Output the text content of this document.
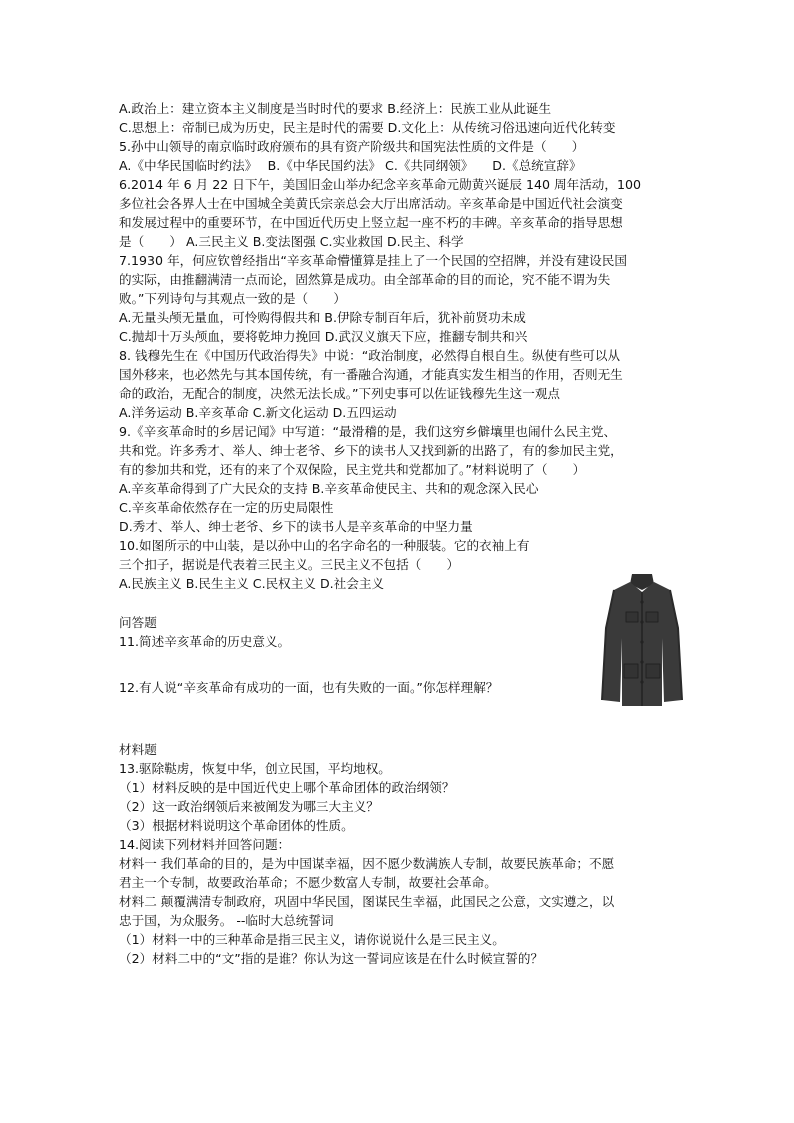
A.政治上：建立资本主义制度是当时时代的要求 B.经济上：民族工业从此诞生
C.思想上：帝制已成为历史，民主是时代的需要 D.文化上：从传统习俗迅速向近代化转变
5.孙中山领导的南京临时政府颁布的具有资产阶级共和国宪法性质的文件是（　　）
A.《中华民国临时约法》　 B.《中华民国约法》 C.《共同纲领》　　D.《总统宣辞》
6.2014 年 6 月 22 日下午，美国旧金山举办纪念辛亥革命元勋黄兴诞辰 140 周年活动，100
多位社会各界人士在中国城全美黄氏宗亲总会大厅出席活动。辛亥革命是中国近代社会演变
和发展过程中的重要环节，在中国近代历史上竖立起一座不朽的丰碑。辛亥革命的指导思想
是（　　） A.三民主义 B.变法图强 C.实业救国 D.民主、科学
7.1930 年，何应钦曾经指出“辛亥革命懵懂算是挂上了一个民国的空招牌，并没有建设民国
的实际，由推翻满清一点而论，固然算是成功。由全部革命的目的而论，究不能不谓为失
败。”下列诗句与其观点一致的是（　　）
A.无量头颅无量血，可怜购得假共和 B.伊除专制百年后，犹补前贤功未成
C.抛却十万头颅血，要将乾坤力挽回 D.武汉义旗天下应，推翻专制共和兴
8. 钱穆先生在《中国历代政治得失》中说：“政治制度，必然得自根自生。纵使有些可以从
国外移来，也必然先与其本国传统，有一番融合沟通，才能真实发生相当的作用，否则无生
命的政治，无配合的制度，决然无法长成。”下列史事可以佐证钱穆先生这一观点
A.洋务运动 B.辛亥革命 C.新文化运动 D.五四运动
9.《辛亥革命时的乡居记闻》中写道：“最滑稽的是，我们这穷乡僻壤里也闹什么民主党、
共和党。许多秀才、举人、绅士老爷、乡下的读书人又找到新的出路了，有的参加民主党，
有的参加共和党，还有的来了个双保险，民主党共和党都加了。”材料说明了（　　）
A.辛亥革命得到了广大民众的支持 B.辛亥革命使民主、共和的观念深入民心
C.辛亥革命依然存在一定的历史局限性
D.秀才、举人、绅士老爷、乡下的读书人是辛亥革命的中坚力量
10.如图所示的中山装，是以孙中山的名字命名的一种服装。它的衣袖上有
三个扣子，据说是代表着三民主义。三民主义不包括（　　）
A.民族主义 B.民生主义 C.民权主义 D.社会主义
问答题
11.简述辛亥革命的历史意义。
12.有人说“辛亥革命有成功的一面，也有失败的一面。”你怎样理解？
材料题
13.驱除鞑虏，恢复中华，创立民国，平均地权。
（1）材料反映的是中国近代史上哪个革命团体的政治纲领？
（2）这一政治纲领后来被阐发为哪三大主义？
（3）根据材料说明这个革命团体的性质。
14.阅读下列材料并回答问题：
材料一 我们革命的目的，是为中国谋幸福，因不愿少数满族人专制，故要民族革命；不愿
君主一个专制，故要政治革命；不愿少数富人专制，故要社会革命。
材料二 颠覆满清专制政府，巩固中华民国，图谋民生幸福，此国民之公意，文实遵之，以
忠于国，为众服务。 --临时大总统誓词
（1）材料一中的三种革命是指三民主义，请你说说什么是三民主义。
（2）材料二中的“文”指的是谁？你认为这一誓词应该是在什么时候宣誓的？
